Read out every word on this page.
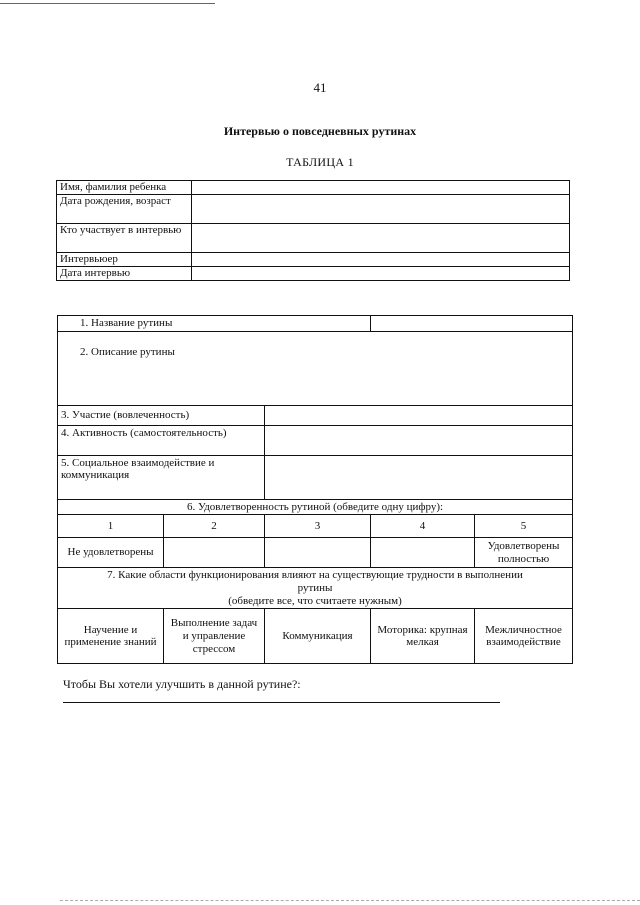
41
Интервью о повседневных рутинах
ТАБЛИЦА 1
Имя, фамилия ребенка	
Дата рождения, возраст	
Кто участвует в интервью	
Интервьюер	
Дата интервью	
1. Название рутины				
2. Описание рутины				
3. Участие (вовлеченность)				
4. Активность (самостоятельность)				
5. Социальное взаимодействие и коммуникация				
6. Удовлетворенность рутиной (обведите одну цифру):				
1	2	3	4	5
Не удовлетворены				Удовлетворены полностью

7. Какие области функционирования влияют на существующие трудности в выполнении рутины
(обведите все, что считаете нужным)				

Научение и применение знаний	Выполнение задач и управление стрессом	Коммуникация	Моторика: крупная мелкая	Межличностное взаимодействие
Чтобы Вы хотели улучшить в данной рутине?:
